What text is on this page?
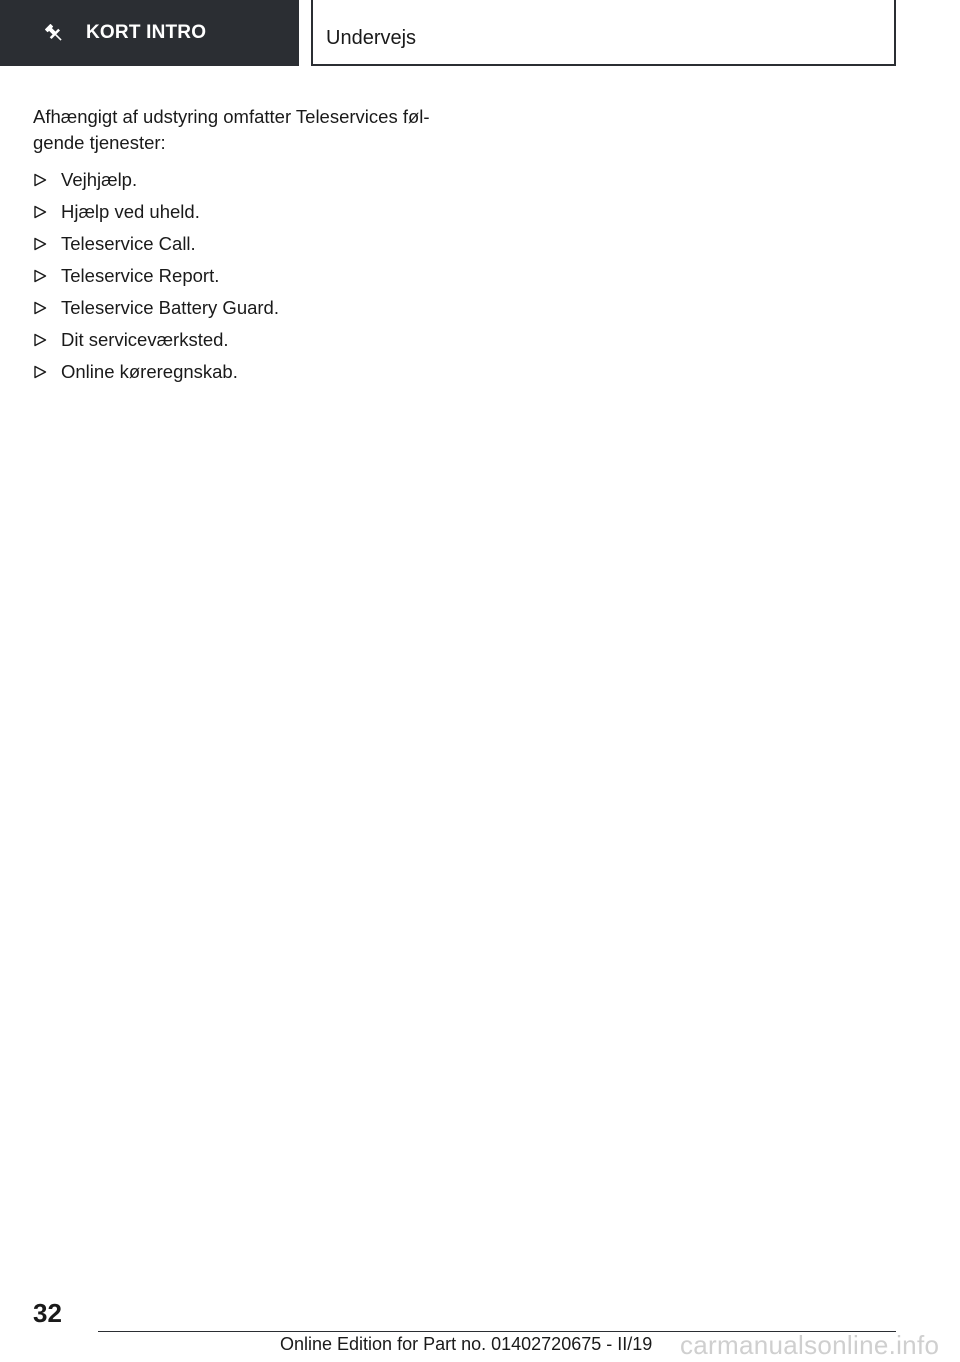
KORT INTRO	Undervejs

Afhængigt af udstyring omfatter Teleservices føl-
gende tjenester:

Vejhjælp.
Hjælp ved uheld.
Teleservice Call.
Teleservice Report.
Teleservice Battery Guard.
Dit serviceværksted.
Online køreregnskab.
32
Online Edition for Part no. 01402720675 - II/19 carmanualsonline.info
